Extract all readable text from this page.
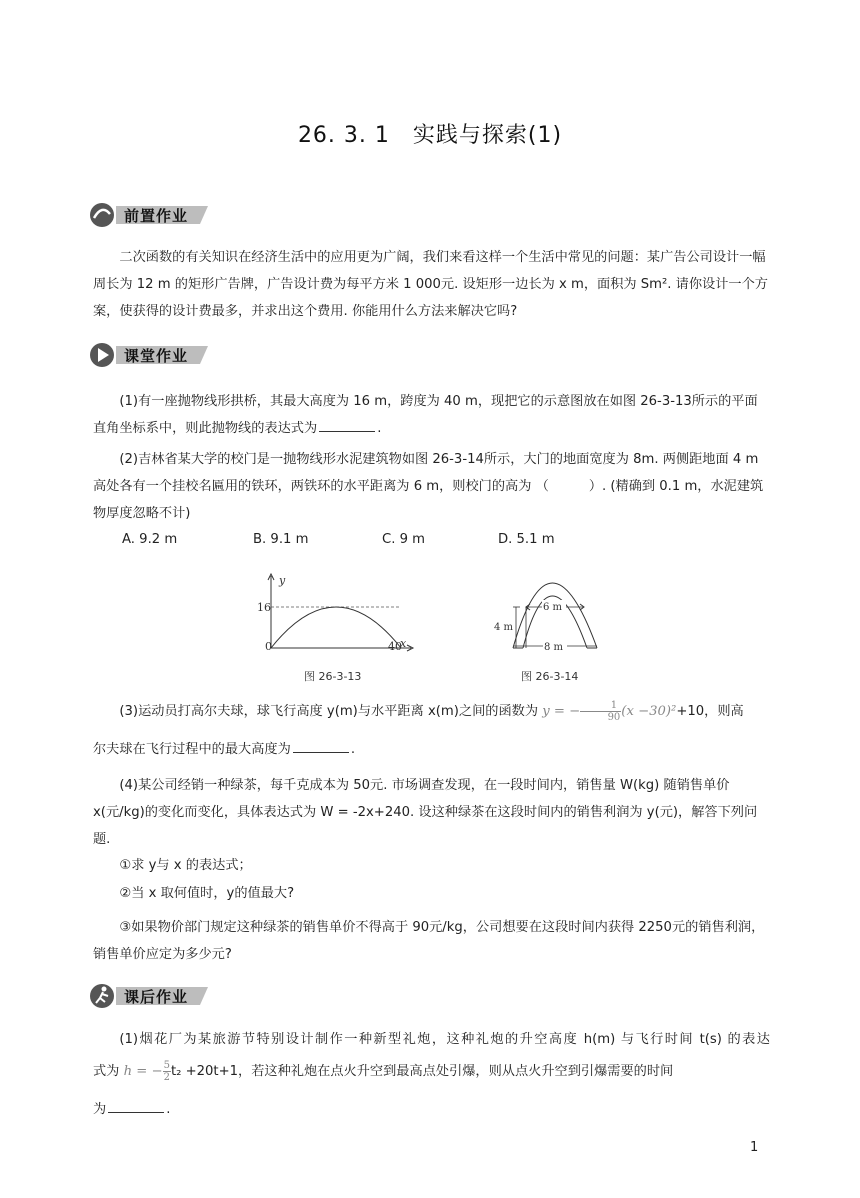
26. 3. 1　实践与探索(1)
前置作业
二次函数的有关知识在经济生活中的应用更为广阔，我们来看这样一个生活中常见的问题：某广告公司设计一幅周长为 12 m 的矩形广告牌，广告设计费为每平方米 1 000元. 设矩形一边长为 x m，面积为 Sm². 请你设计一个方案，使获得的设计费最多，并求出这个费用. 你能用什么方法来解决它吗?
课堂作业
(1)有一座抛物线形拱桥，其最大高度为 16 m，跨度为 40 m，现把它的示意图放在如图 26-3-13所示的平面直角坐标系中，则此抛物线的表达式为	.
(2)吉林省某大学的校门是一抛物线形水泥建筑物如图 26-3-14所示，大门的地面宽度为 8m. 两侧距地面 4 m 高处各有一个挂校名匾用的铁环，两铁环的水平距离为 6 m，则校门的高为 （	）. (精确到 0.1 m，水泥建筑物厚度忽略不计)
A. 9.2 m	B. 9.1 m	C. 9 m	D. 5.1 m
y
x
16
40
0
图 26-3-13
6 m
4 m
8 m
图 26-3-14
(3)运动员打高尔夫球，球飞行高度 y(m)与水平距离 x(m)之间的函数为 y = − $\frac{1}{90} (x -30)^2+10$，则高
尔夫球在飞行过程中的最大高度为	.
(4)某公司经销一种绿茶，每千克成本为 50元. 市场调查发现，在一段时间内，销售量 W(kg) 随销售单价 x(元/kg)的变化而变化，具体表达式为 W = -2x+240. 设这种绿茶在这段时间内的销售利润为 y(元)，解答下列问题.
①求 y与 x 的表达式；
②当 x 取何值时，y的值最大?
③如果物价部门规定这种绿茶的销售单价不得高于 90元/kg，公司想要在这段时间内获得 2250元的销售利润，销售单价应定为多少元?
课后作业
(1)烟花厂为某旅游节特别设计制作一种新型礼炮，这种礼炮的升空高度 h(m) 与飞行时间 t(s) 的表达
式为 h = − $\frac{5}{2} t_2 +20t+1$，若这种礼炮在点火升空到最高点处引爆，则从点火升空到引爆需要的时间
为	.
1
